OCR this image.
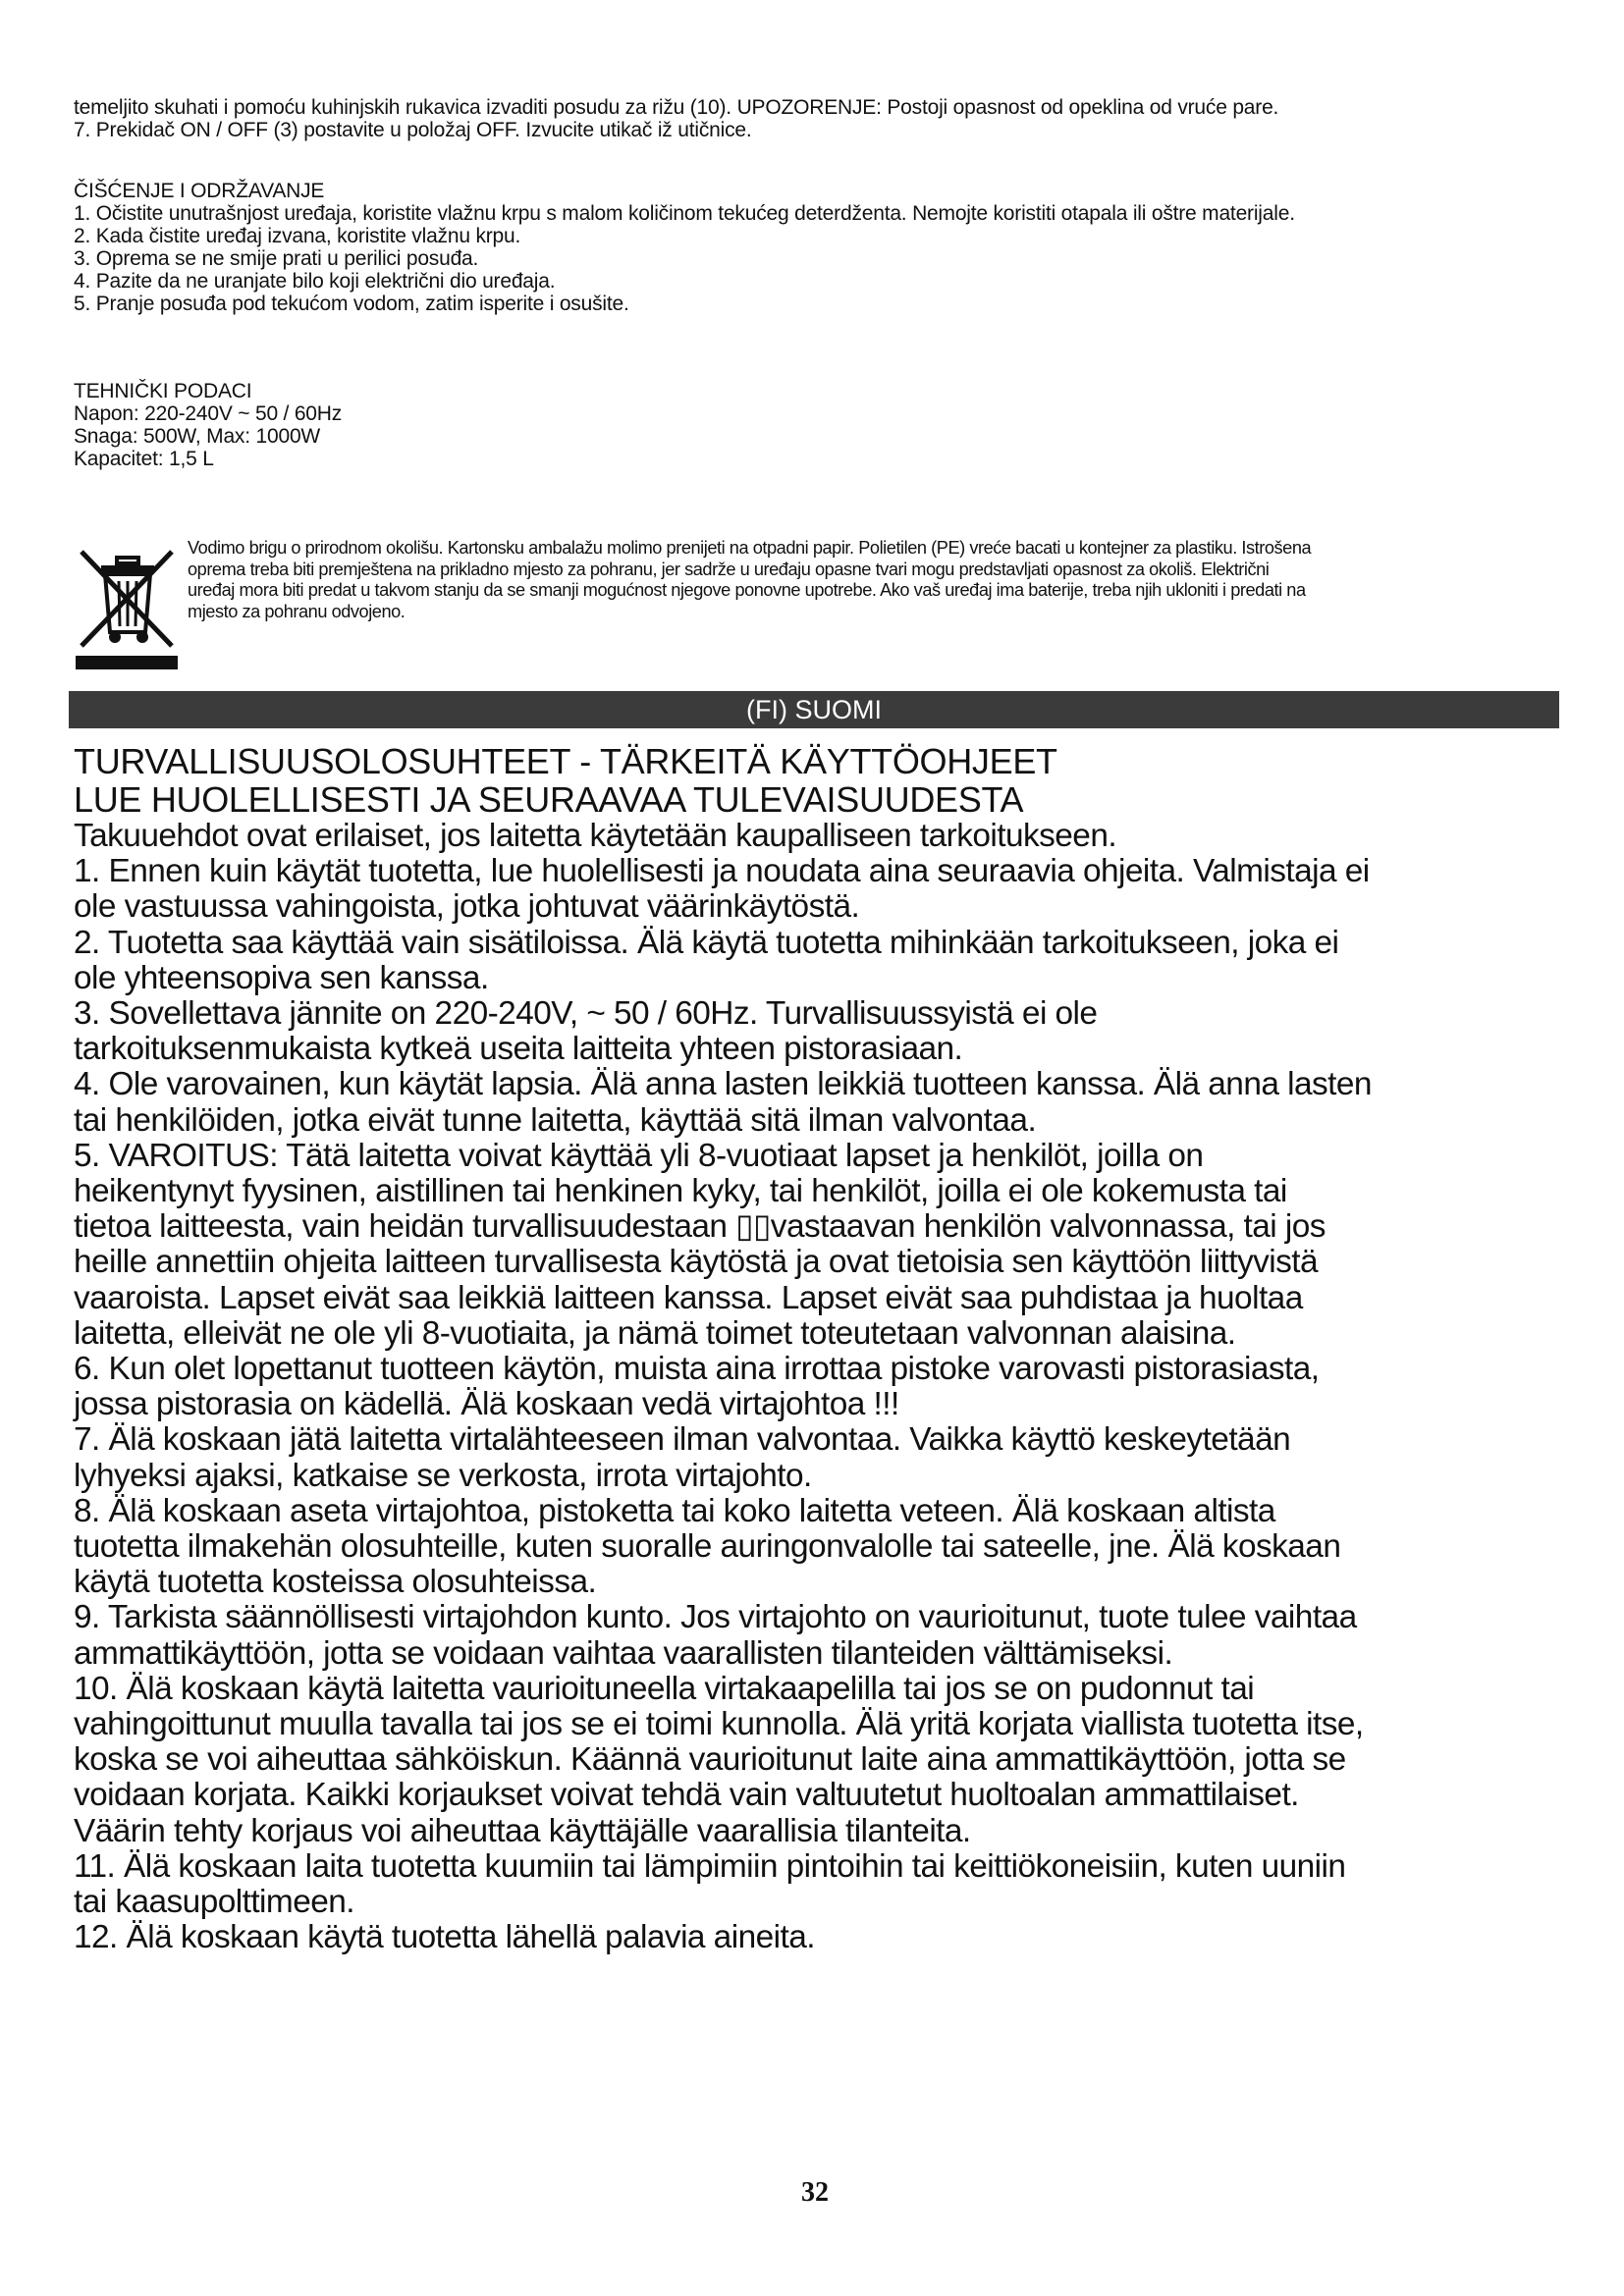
temeljito skuhati i pomoću kuhinjskih rukavica izvaditi posudu za rižu (10). UPOZORENJE: Postoji opasnost od opeklina od vruće pare.
7. Prekidač ON / OFF (3) postavite u položaj OFF. Izvucite utikač iž utičnice.
ČIŠĆENJE I ODRŽAVANJE
1. Očistite unutrašnjost uređaja, koristite vlažnu krpu s malom količinom tekućeg deterdženta. Nemojte koristiti otapala ili oštre materijale.
2. Kada čistite uređaj izvana, koristite vlažnu krpu.
3. Oprema se ne smije prati u perilici posuđa.
4. Pazite da ne uranjate bilo koji električni dio uređaja.
5. Pranje posuđa pod tekućom vodom, zatim isperite i osušite.
TEHNIČKI PODACI
Napon: 220-240V ~ 50 / 60Hz
Snaga: 500W, Max: 1000W
Kapacitet: 1,5 L
Vodimo brigu o prirodnom okolišu. Kartonsku ambalažu molimo prenijeti na otpadni papir. Polietilen (PE) vreće bacati u kontejner za plastiku. Istrošena
oprema treba biti premještena na prikladno mjesto za pohranu, jer sadrže u uređaju opasne tvari mogu predstavljati opasnost za okoliš. Električni
uređaj mora biti predat u takvom stanju da se smanji mogućnost njegove ponovne upotrebe. Ako vaš uređaj ima baterije, treba njih ukloniti i predati na
mjesto za pohranu odvojeno.
(FI) SUOMI
TURVALLISUUSOLOSUHTEET - TÄRKEITÄ KÄYTTÖOHJEET
LUE HUOLELLISESTI JA SEURAAVAA TULEVAISUUDESTA
Takuuehdot ovat erilaiset, jos laitetta käytetään kaupalliseen tarkoitukseen.
1. Ennen kuin käytät tuotetta, lue huolellisesti ja noudata aina seuraavia ohjeita. Valmistaja ei
ole vastuussa vahingoista, jotka johtuvat väärinkäytöstä.
2. Tuotetta saa käyttää vain sisätiloissa. Älä käytä tuotetta mihinkään tarkoitukseen, joka ei
ole yhteensopiva sen kanssa.
3. Sovellettava jännite on 220-240V, ~ 50 / 60Hz. Turvallisuussyistä ei ole
tarkoituksenmukaista kytkeä useita laitteita yhteen pistorasiaan.
4. Ole varovainen, kun käytät lapsia. Älä anna lasten leikkiä tuotteen kanssa. Älä anna lasten
tai henkilöiden, jotka eivät tunne laitetta, käyttää sitä ilman valvontaa.
5. VAROITUS: Tätä laitetta voivat käyttää yli 8-vuotiaat lapset ja henkilöt, joilla on
heikentynyt fyysinen, aistillinen tai henkinen kyky, tai henkilöt, joilla ei ole kokemusta tai
tietoa laitteesta, vain heidän turvallisuudestaan ▯▯vastaavan henkilön valvonnassa, tai jos
heille annettiin ohjeita laitteen turvallisesta käytöstä ja ovat tietoisia sen käyttöön liittyvistä
vaaroista. Lapset eivät saa leikkiä laitteen kanssa. Lapset eivät saa puhdistaa ja huoltaa
laitetta, elleivät ne ole yli 8-vuotiaita, ja nämä toimet toteutetaan valvonnan alaisina.
6. Kun olet lopettanut tuotteen käytön, muista aina irrottaa pistoke varovasti pistorasiasta,
jossa pistorasia on kädellä. Älä koskaan vedä virtajohtoa !!!
7. Älä koskaan jätä laitetta virtalähteeseen ilman valvontaa. Vaikka käyttö keskeytetään
lyhyeksi ajaksi, katkaise se verkosta, irrota virtajohto.
8. Älä koskaan aseta virtajohtoa, pistoketta tai koko laitetta veteen. Älä koskaan altista
tuotetta ilmakehän olosuhteille, kuten suoralle auringonvalolle tai sateelle, jne. Älä koskaan
käytä tuotetta kosteissa olosuhteissa.
9. Tarkista säännöllisesti virtajohdon kunto. Jos virtajohto on vaurioitunut, tuote tulee vaihtaa
ammattikäyttöön, jotta se voidaan vaihtaa vaarallisten tilanteiden välttämiseksi.
10. Älä koskaan käytä laitetta vaurioituneella virtakaapelilla tai jos se on pudonnut tai
vahingoittunut muulla tavalla tai jos se ei toimi kunnolla. Älä yritä korjata viallista tuotetta itse,
koska se voi aiheuttaa sähköiskun. Käännä vaurioitunut laite aina ammattikäyttöön, jotta se
voidaan korjata. Kaikki korjaukset voivat tehdä vain valtuutetut huoltoalan ammattilaiset.
Väärin tehty korjaus voi aiheuttaa käyttäjälle vaarallisia tilanteita.
11. Älä koskaan laita tuotetta kuumiin tai lämpimiin pintoihin tai keittiökoneisiin, kuten uuniin
tai kaasupolttimeen.
12. Älä koskaan käytä tuotetta lähellä palavia aineita.
32
